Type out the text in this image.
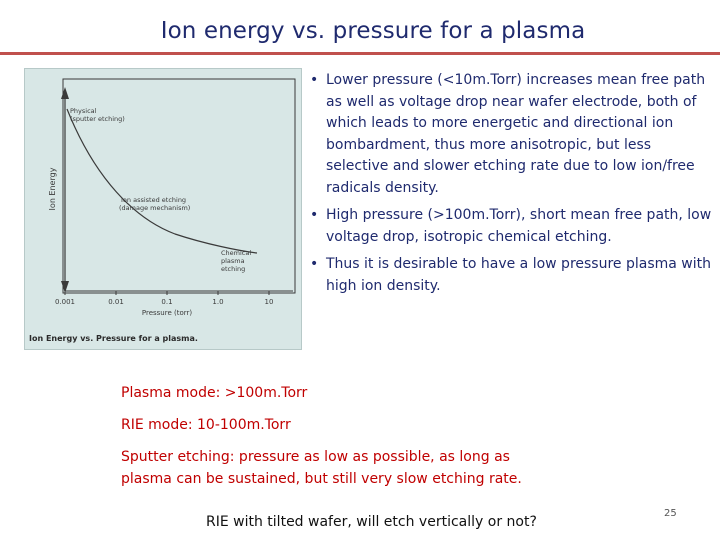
Ion energy vs. pressure for a plasma
Ion Energy
Physical
(sputter etching)
Ion assisted etching
(damage mechanism)
Chemical
plasma
etching
0.001	0.01	0.1	1.0	10
Pressure (torr)
Ion Energy vs. Pressure for a plasma.
• Lower pressure (<10m.Torr) increases mean free path as well as voltage drop near wafer electrode, both of which leads to more energetic and directional ion bombardment, thus more anisotropic, but less selective and slower etching rate due to low ion/free radicals density.
• High pressure (>100m.Torr), short mean free path, low voltage drop, isotropic chemical etching.
• Thus it is desirable to have a low pressure plasma with high ion density.

Plasma mode: >100m.Torr

RIE mode: 10-100m.Torr

Sputter etching: pressure as low as possible, as long as plasma can be sustained, but still very slow etching rate.

RIE with tilted wafer, will etch vertically or not?
25
